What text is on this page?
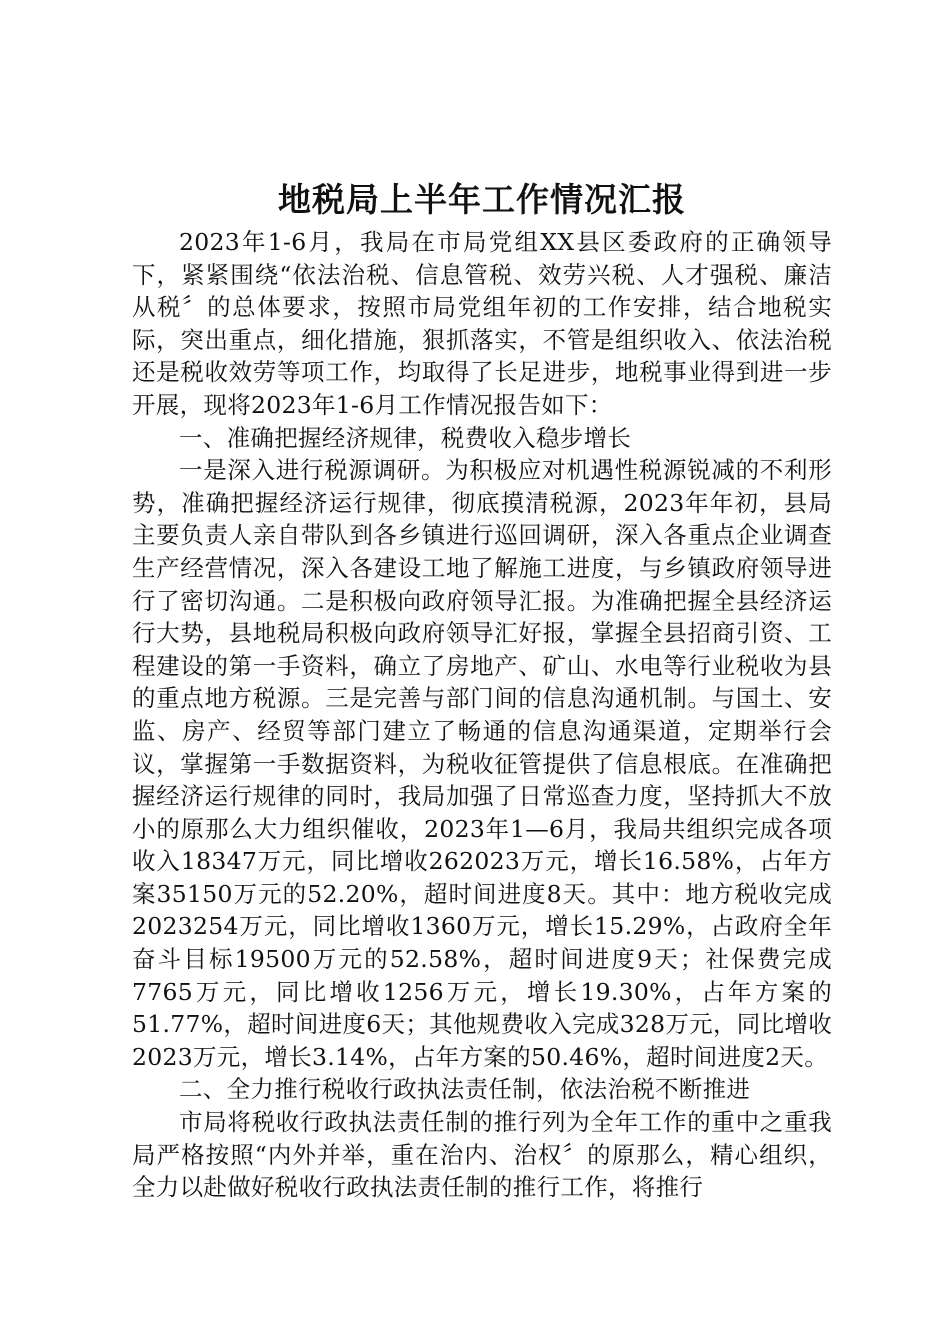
地税局上半年工作情况汇报

2023年1-6月，我局在市局党组XX县区委政府的正确领导下，紧紧围绕“依法治税、信息管税、效劳兴税、人才强税、廉洁从税〞的总体要求，按照市局党组年初的工作安排，结合地税实际，突出重点，细化措施，狠抓落实，不管是组织收入、依法治税还是税收效劳等项工作，均取得了长足进步，地税事业得到进一步开展，现将2023年1-6月工作情况报告如下：

一、准确把握经济规律，税费收入稳步增长

一是深入进行税源调研。为积极应对机遇性税源锐减的不利形势，准确把握经济运行规律，彻底摸清税源，2023年年初，县局主要负责人亲自带队到各乡镇进行巡回调研，深入各重点企业调查生产经营情况，深入各建设工地了解施工进度，与乡镇政府领导进行了密切沟通。二是积极向政府领导汇报。为准确把握全县经济运行大势，县地税局积极向政府领导汇好报，掌握全县招商引资、工程建设的第一手资料，确立了房地产、矿山、水电等行业税收为县的重点地方税源。三是完善与部门间的信息沟通机制。与国土、安监、房产、经贸等部门建立了畅通的信息沟通渠道，定期举行会议，掌握第一手数据资料，为税收征管提供了信息根底。在准确把握经济运行规律的同时，我局加强了日常巡查力度，坚持抓大不放小的原那么大力组织催收，2023年1—6月，我局共组织完成各项收入18347万元，同比增收262023万元，增长16.58%，占年方案35150万元的52.20%，超时间进度8天。其中：地方税收完成2023254万元，同比增收1360万元，增长15.29%，占政府全年奋斗目标19500万元的52.58%，超时间进度9天；社保费完成7765万元，同比增收1256万元，增长19.30%，占年方案的51.77%，超时间进度6天；其他规费收入完成328万元，同比增收2023万元，增长3.14%，占年方案的50.46%，超时间进度2天。

二、全力推行税收行政执法责任制，依法治税不断推进

市局将税收行政执法责任制的推行列为全年工作的重中之重我局严格按照“内外并举，重在治内、治权〞的原那么，精心组织，全力以赴做好税收行政执法责任制的推行工作，将推行
